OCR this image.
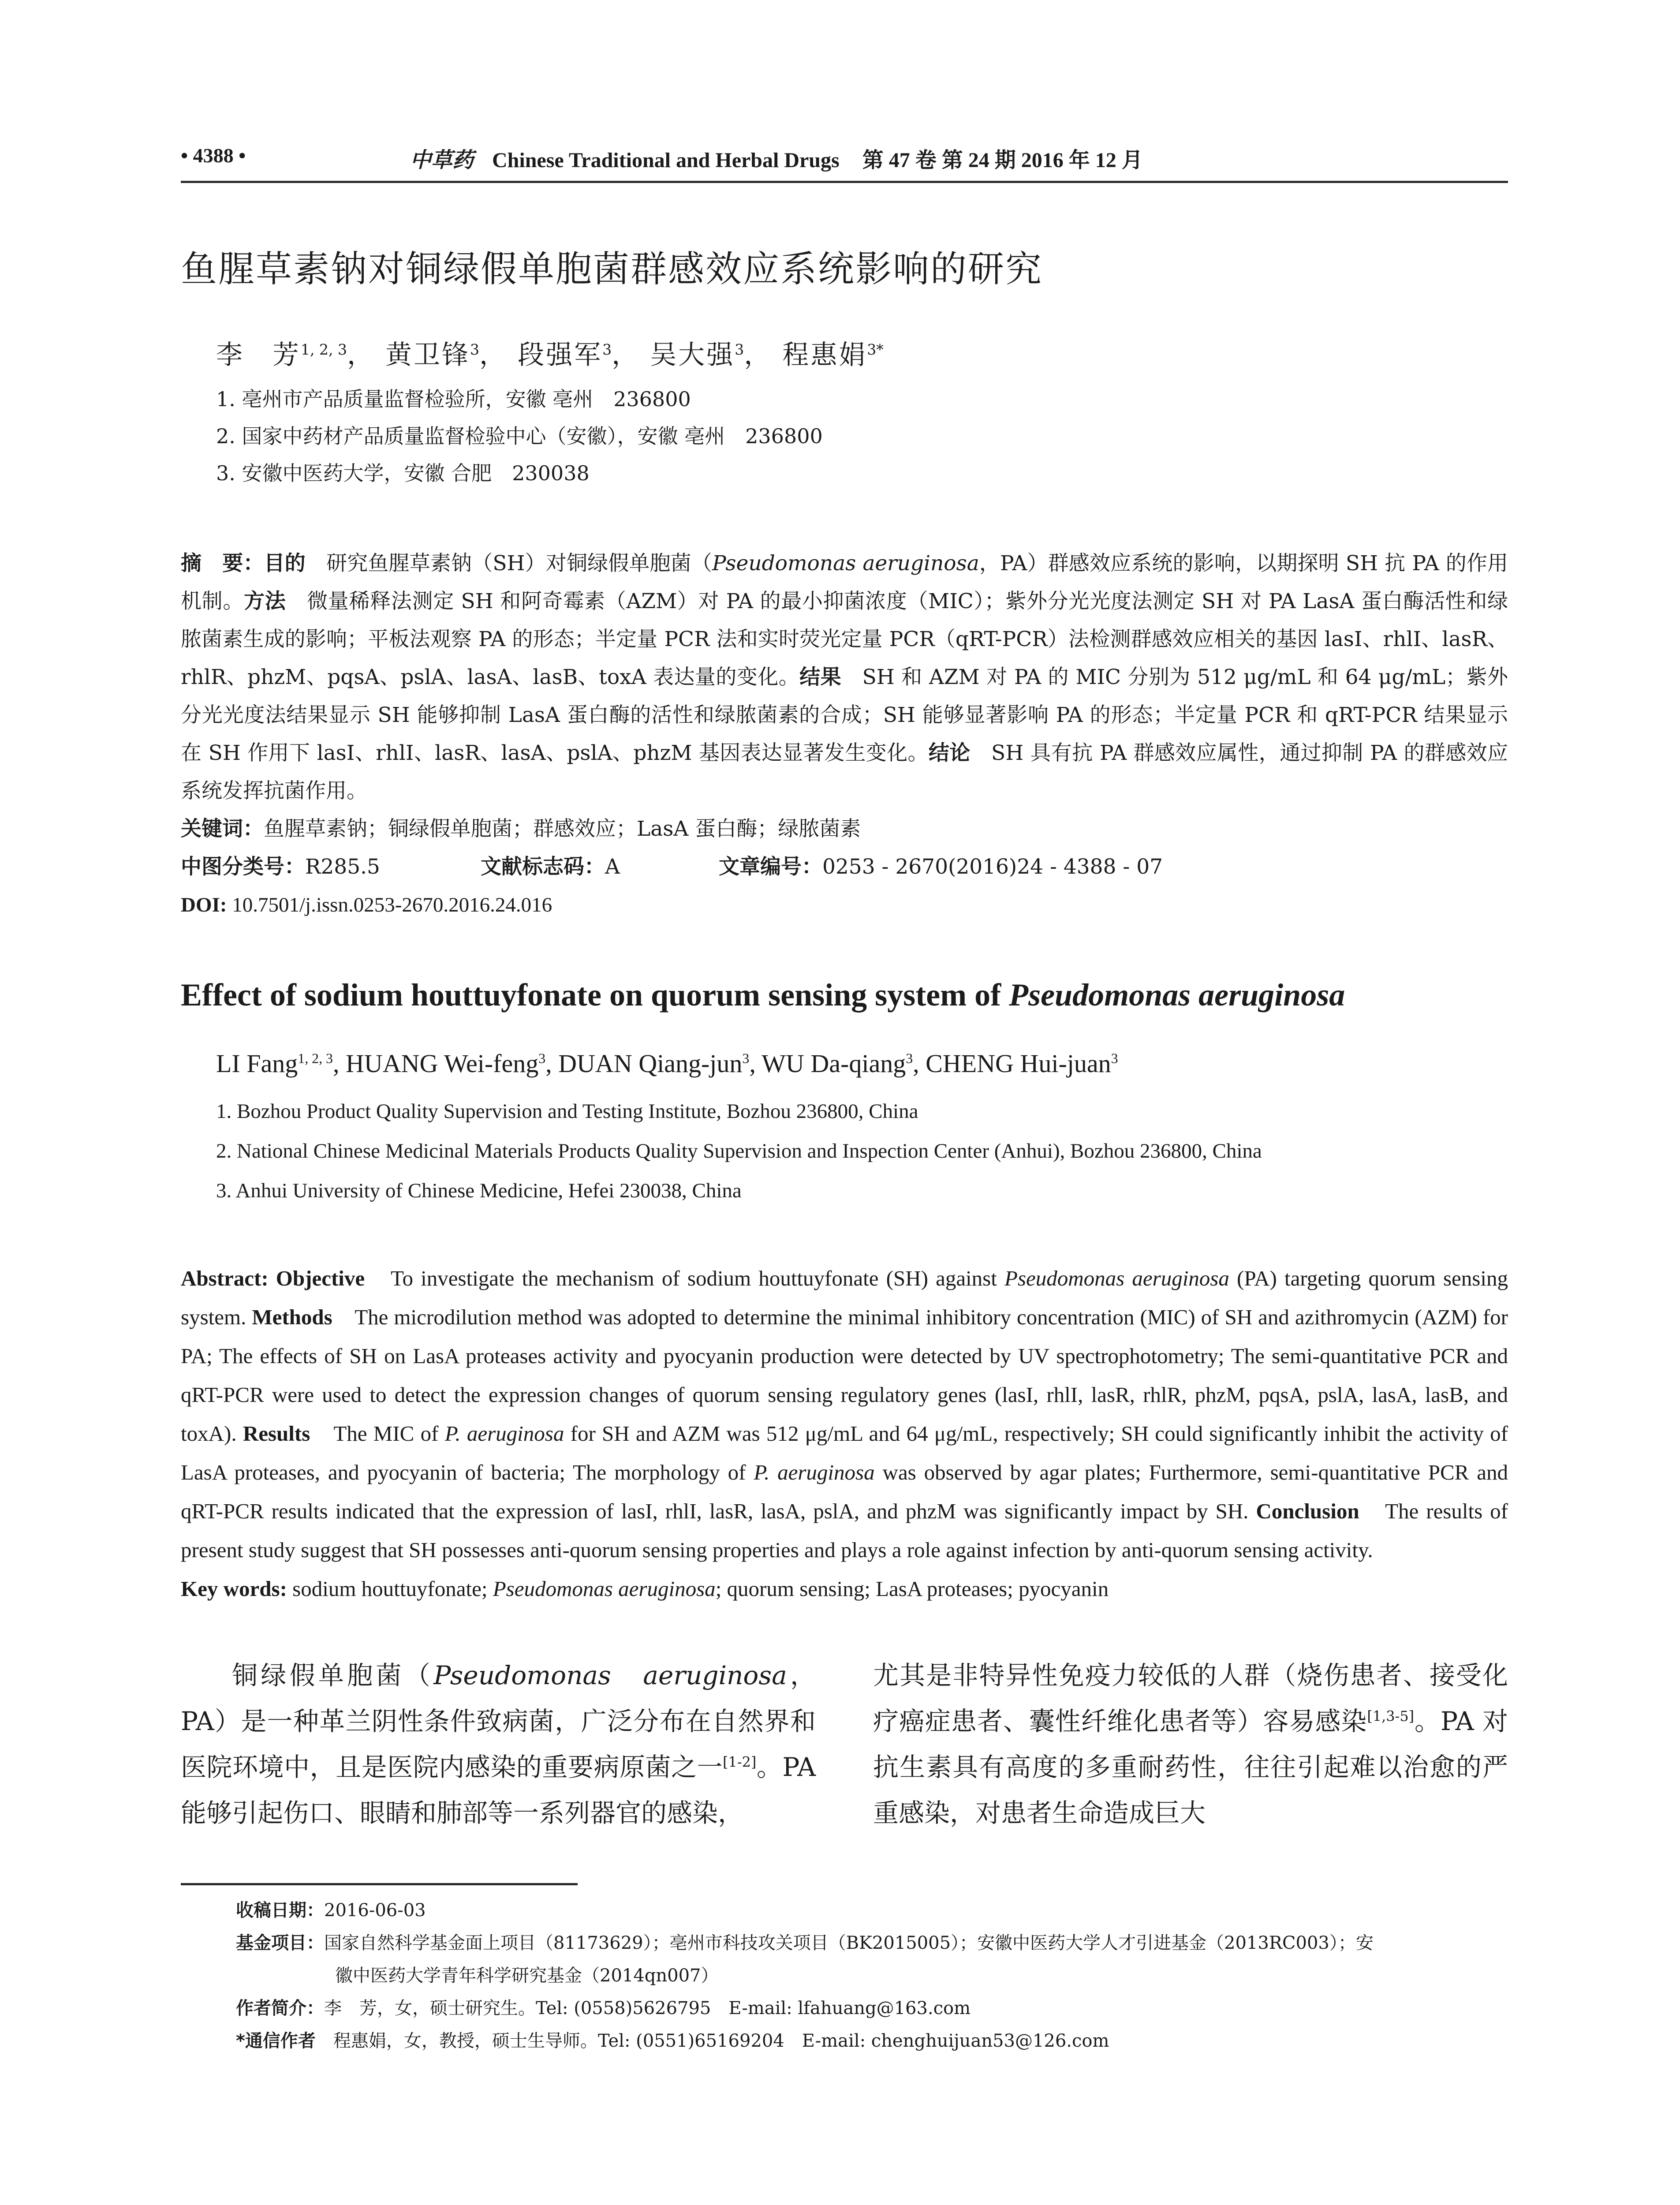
• 4388 •	中草药 Chinese Traditional and Herbal Drugs 第 47 卷 第 24 期 2016 年 12 月
鱼腥草素钠对铜绿假单胞菌群感效应系统影响的研究
李　芳$^{1, 2, 3}$， 黄卫锋$^3$， 段强军$^3$， 吴大强$^3$， 程惠娟$^{3*}$
1. 亳州市产品质量监督检验所，安徽 亳州　236800
2. 国家中药材产品质量监督检验中心（安徽），安徽 亳州　236800
3. 安徽中医药大学，安徽 合肥　230038
摘　要：目的　研究鱼腥草素钠（SH）对铜绿假单胞菌（Pseudomonas aeruginosa，PA）群感效应系统的影响，以期探明 SH 抗 PA 的作用机制。方法　微量稀释法测定 SH 和阿奇霉素（AZM）对 PA 的最小抑菌浓度（MIC）；紫外分光光度法测定 SH 对 PA LasA 蛋白酶活性和绿脓菌素生成的影响；平板法观察 PA 的形态；半定量 PCR 法和实时荧光定量 PCR（qRT-PCR）法检测群感效应相关的基因 lasI、rhlI、lasR、rhlR、phzM、pqsA、pslA、lasA、lasB、toxA 表达量的变化。结果　SH 和 AZM 对 PA 的 MIC 分别为 512 μg/mL 和 64 μg/mL；紫外分光光度法结果显示 SH 能够抑制 LasA 蛋白酶的活性和绿脓菌素的合成；SH 能够显著影响 PA 的形态；半定量 PCR 和 qRT-PCR 结果显示在 SH 作用下 lasI、rhlI、lasR、lasA、pslA、phzM 基因表达显著发生变化。结论　SH 具有抗 PA 群感效应属性，通过抑制 PA 的群感效应系统发挥抗菌作用。
关键词：鱼腥草素钠；铜绿假单胞菌；群感效应；LasA 蛋白酶；绿脓菌素
中图分类号：R285.5	文献标志码：A	文章编号：0253 - 2670(2016)24 - 4388 - 07
DOI: 10.7501/j.issn.0253-2670.2016.24.016
Effect of sodium houttuyfonate on quorum sensing system of Pseudomonas aeruginosa
LI Fang$^{1, 2, 3}$, HUANG Wei-feng$^3$, DUAN Qiang-jun$^3$, WU Da-qiang$^3$, CHENG Hui-juan$^3$
1. Bozhou Product Quality Supervision and Testing Institute, Bozhou 236800, China
2. National Chinese Medicinal Materials Products Quality Supervision and Inspection Center (Anhui), Bozhou 236800, China
3. Anhui University of Chinese Medicine, Hefei 230038, China
Abstract: Objective　To investigate the mechanism of sodium houttuyfonate (SH) against Pseudomonas aeruginosa (PA) targeting quorum sensing system. Methods　The microdilution method was adopted to determine the minimal inhibitory concentration (MIC) of SH and azithromycin (AZM) for PA; The effects of SH on LasA proteases activity and pyocyanin production were detected by UV spectrophotometry; The semi-quantitative PCR and qRT-PCR were used to detect the expression changes of quorum sensing regulatory genes (lasI, rhlI, lasR, rhlR, phzM, pqsA, pslA, lasA, lasB, and toxA). Results　The MIC of P. aeruginosa for SH and AZM was 512 μg/mL and 64 μg/mL, respectively; SH could significantly inhibit the activity of LasA proteases, and pyocyanin of bacteria; The morphology of P. aeruginosa was observed by agar plates; Furthermore, semi-quantitative PCR and qRT-PCR results indicated that the expression of lasI, rhlI, lasR, lasA, pslA, and phzM was significantly impact by SH. Conclusion　The results of present study suggest that SH possesses anti-quorum sensing properties and plays a role against infection by anti-quorum sensing activity.
Key words: sodium houttuyfonate; Pseudomonas aeruginosa; quorum sensing; LasA proteases; pyocyanin

铜绿假单胞菌（Pseudomonas　aeruginosa，PA）是一种革兰阴性条件致病菌，广泛分布在自然界和医院环境中，且是医院内感染的重要病原菌之一[1-2]。PA 能够引起伤口、眼睛和肺部等一系列器官的感染，

尤其是非特异性免疫力较低的人群（烧伤患者、接受化疗癌症患者、囊性纤维化患者等）容易感染[1,3-5]。PA 对抗生素具有高度的多重耐药性，往往引起难以治愈的严重感染，对患者生命造成巨大

收稿日期：2016-06-03
基金项目：国家自然科学基金面上项目（81173629）；亳州市科技攻关项目（BK2015005）；安徽中医药大学人才引进基金（2013RC003）；安
徽中医药大学青年科学研究基金（2014qn007）
作者简介：李　芳，女，硕士研究生。Tel: (0558)5626795　E-mail: lfahuang@163.com
*通信作者　程惠娟，女，教授，硕士生导师。Tel: (0551)65169204　E-mail: chenghuijuan53@126.com
